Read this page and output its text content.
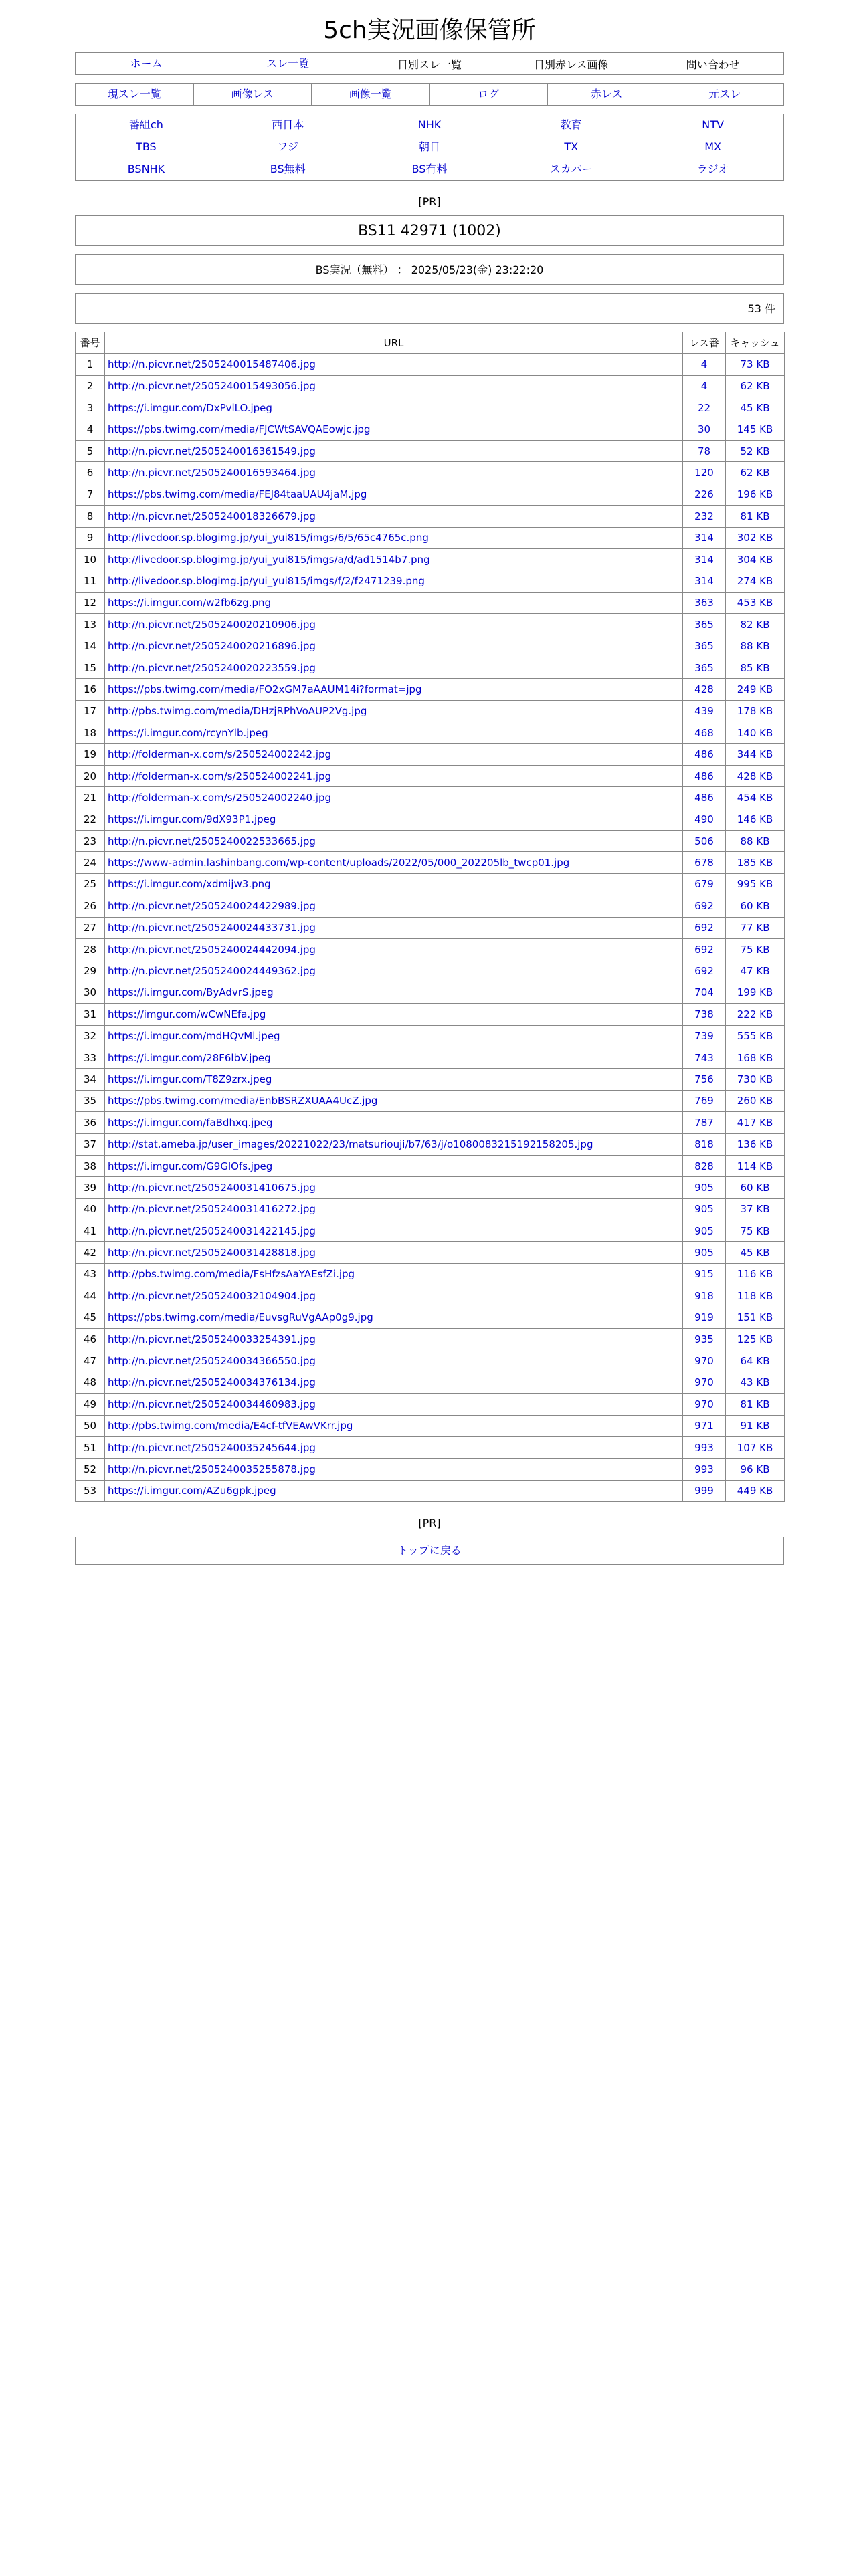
5ch実況画像保管所
ホーム	スレ一覧	日別スレ一覧	日別赤レス画像	問い合わせ
現スレ一覧	画像レス	画像一覧	ログ	赤レス	元スレ
番組ch	西日本	NHK	教育	NTV

TBS	フジ	朝日	TX	MX

BSNHK	BS無料	BS有料	スカパー	ラジオ
[PR]
BS11 42971 (1002)
BS実況（無料） ： 2025/05/23(金) 23:22:20
53 件
番号	URL	レス番	キャッシュ
1	http://n.picvr.net/2505240015487406.jpg	4	73 KB
2	http://n.picvr.net/2505240015493056.jpg	4	62 KB
3	https://i.imgur.com/DxPvlLO.jpeg	22	45 KB
4	https://pbs.twimg.com/media/FJCWtSAVQAEowjc.jpg	30	145 KB
5	http://n.picvr.net/2505240016361549.jpg	78	52 KB
6	http://n.picvr.net/2505240016593464.jpg	120	62 KB
7	https://pbs.twimg.com/media/FEJ84taaUAU4jaM.jpg	226	196 KB
8	http://n.picvr.net/2505240018326679.jpg	232	81 KB
9	http://livedoor.sp.blogimg.jp/yui_yui815/imgs/6/5/65c4765c.png	314	302 KB
10	http://livedoor.sp.blogimg.jp/yui_yui815/imgs/a/d/ad1514b7.png	314	304 KB
11	http://livedoor.sp.blogimg.jp/yui_yui815/imgs/f/2/f2471239.png	314	274 KB
12	https://i.imgur.com/w2fb6zg.png	363	453 KB
13	http://n.picvr.net/2505240020210906.jpg	365	82 KB
14	http://n.picvr.net/2505240020216896.jpg	365	88 KB
15	http://n.picvr.net/2505240020223559.jpg	365	85 KB
16	https://pbs.twimg.com/media/FO2xGM7aAAUM14i?format=jpg	428	249 KB
17	http://pbs.twimg.com/media/DHzjRPhVoAUP2Vg.jpg	439	178 KB
18	https://i.imgur.com/rcynYlb.jpeg	468	140 KB
19	http://folderman-x.com/s/250524002242.jpg	486	344 KB
20	http://folderman-x.com/s/250524002241.jpg	486	428 KB
21	http://folderman-x.com/s/250524002240.jpg	486	454 KB
22	https://i.imgur.com/9dX93P1.jpeg	490	146 KB
23	http://n.picvr.net/2505240022533665.jpg	506	88 KB
24	https://www-admin.lashinbang.com/wp-content/uploads/2022/05/000_202205lb_twcp01.jpg	678	185 KB
25	https://i.imgur.com/xdmijw3.png	679	995 KB
26	http://n.picvr.net/2505240024422989.jpg	692	60 KB
27	http://n.picvr.net/2505240024433731.jpg	692	77 KB
28	http://n.picvr.net/2505240024442094.jpg	692	75 KB
29	http://n.picvr.net/2505240024449362.jpg	692	47 KB
30	https://i.imgur.com/ByAdvrS.jpeg	704	199 KB
31	https://imgur.com/wCwNEfa.jpg	738	222 KB
32	https://i.imgur.com/mdHQvMl.jpeg	739	555 KB
33	https://i.imgur.com/28F6lbV.jpeg	743	168 KB
34	https://i.imgur.com/T8Z9zrx.jpeg	756	730 KB
35	https://pbs.twimg.com/media/EnbBSRZXUAA4UcZ.jpg	769	260 KB
36	https://i.imgur.com/faBdhxq.jpeg	787	417 KB
37	http://stat.ameba.jp/user_images/20221022/23/matsuriouji/b7/63/j/o1080083215192158205.jpg	818	136 KB
38	https://i.imgur.com/G9GlOfs.jpeg	828	114 KB
39	http://n.picvr.net/2505240031410675.jpg	905	60 KB
40	http://n.picvr.net/2505240031416272.jpg	905	37 KB
41	http://n.picvr.net/2505240031422145.jpg	905	75 KB
42	http://n.picvr.net/2505240031428818.jpg	905	45 KB
43	http://pbs.twimg.com/media/FsHfzsAaYAEsfZi.jpg	915	116 KB
44	http://n.picvr.net/2505240032104904.jpg	918	118 KB
45	https://pbs.twimg.com/media/EuvsgRuVgAAp0g9.jpg	919	151 KB
46	http://n.picvr.net/2505240033254391.jpg	935	125 KB
47	http://n.picvr.net/2505240034366550.jpg	970	64 KB
48	http://n.picvr.net/2505240034376134.jpg	970	43 KB
49	http://n.picvr.net/2505240034460983.jpg	970	81 KB
50	http://pbs.twimg.com/media/E4cf-tfVEAwVKrr.jpg	971	91 KB
51	http://n.picvr.net/2505240035245644.jpg	993	107 KB
52	http://n.picvr.net/2505240035255878.jpg	993	96 KB
53	https://i.imgur.com/AZu6gpk.jpeg	999	449 KB
[PR]
トップに戻る
